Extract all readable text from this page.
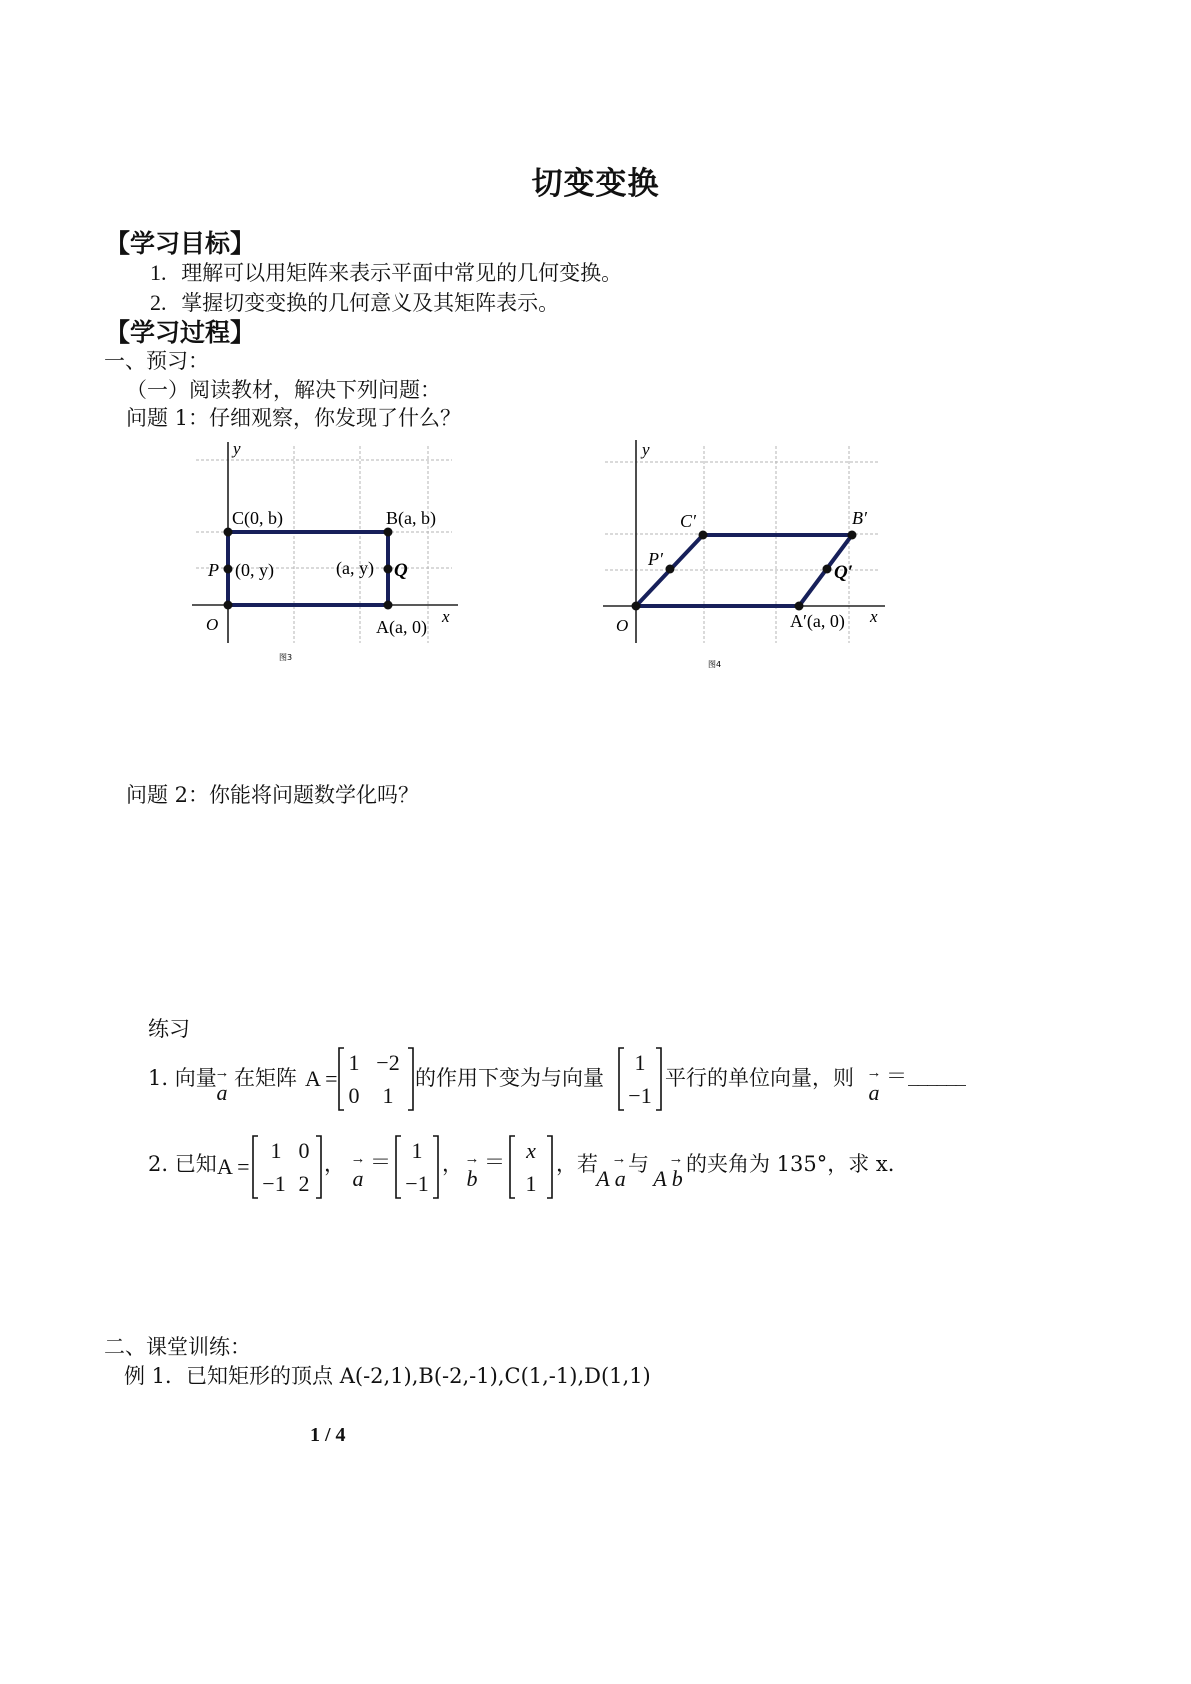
切变变换
【学习目标】
1. 理解可以用矩阵来表示平面中常见的几何变换。
2. 掌握切变变换的几何意义及其矩阵表示。
【学习过程】
一、预习：
（一）阅读教材，解决下列问题：
问题 1：仔细观察，你发现了什么？
y
x
O
C(0, b)	B(a, b)
P (0, y)	(a, y) Q
A(a, 0)
图3
y
x
O
C′	B′
P′
Q′
A′(a, 0)
图4
问题 2：你能将问题数学化吗？
练习
1. 向量
→
a
在矩阵 A =
1 −2
0	1
的作用下变为与向量
1
−1
平行的单位向量，则 →
a
＝ ______
2. 已知 A =
1 0
−1 2
， →
a
＝ 1
−1
， →
b
＝ x
1
，若 →
A a
与	→
A b
的夹角为 135°，求 x.
二、课堂训练：
例 1．已知矩形的顶点 A(-2,1),B(-2,-1),C(1,-1),D(1,1)
1 / 4
